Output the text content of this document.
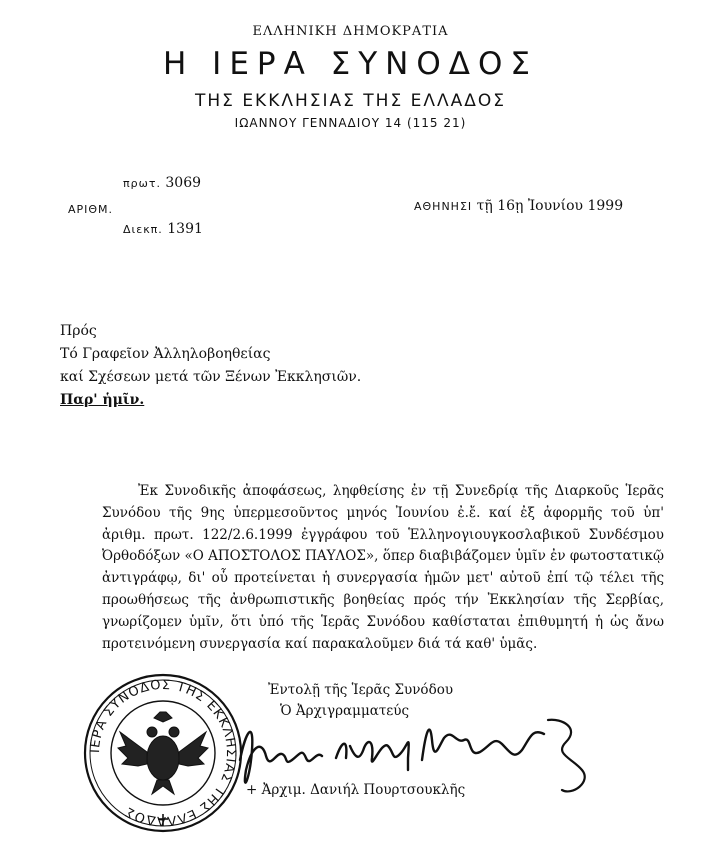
ΕΛΛΗΝΙΚΗ ΔΗΜΟΚΡΑΤΙΑ
Η ΙΕΡΑ ΣΥΝΟΔΟΣ
ΤΗΣ ΕΚΚΛΗΣΙΑΣ ΤΗΣ ΕΛΛΑΔΟΣ
ΙΩΑΝΝΟΥ ΓΕΝΝΑΔΙΟΥ 14 (115 21)
πρωτ. 3069
ΑΡΙΘΜ.
Διεκπ. 1391
ΑΘΗΝΗΣΙ τῇ 16ῃ Ἰουνίου 1999
Πρός
Τό Γραφεῖον Ἀλληλοβοηθείας
καί Σχέσεων μετά τῶν Ξένων Ἐκκλησιῶν.
Παρ' ἡμῖν.
Ἐκ Συνοδικῆς ἀποφάσεως, ληφθείσης ἐν τῇ Συνεδρίᾳ τῆς Διαρκοῦς Ἱερᾶς Συνόδου τῆς 9ης ὑπερμεσοῦντος μηνός Ἰουνίου ἐ.ἔ. καί ἐξ ἀφορμῆς τοῦ ὑπ' ἀριθμ. πρωτ. 122/2.6.1999 ἐγγράφου τοῦ Ἑλληνογιουγκοσλαβικοῦ Συνδέσμου Ὀρθοδόξων «Ο ΑΠΟΣΤΟΛΟΣ ΠΑΥΛΟΣ», ὅπερ διαβιβάζομεν ὑμῖν ἐν φωτοστατικῷ ἀντιγράφῳ, δι' οὗ προτείνεται ἡ συνεργασία ἡμῶν μετ' αὐτοῦ ἐπί τῷ τέλει τῆς προωθήσεως τῆς ἀνθρωπιστικῆς βοηθείας πρός τήν Ἐκκλησίαν τῆς Σερβίας, γνωρίζομεν ὑμῖν, ὅτι ὑπό τῆς Ἱερᾶς Συνόδου καθίσταται ἐπιθυμητή ἡ ὡς ἄνω προτεινόμενη συνεργασία καί παρακαλοῦμεν διά τά καθ' ὑμᾶς.
ΙΕΡΑ ΣΥΝΟΔΟΣ ΤΗΣ ΕΚΚΛΗΣΙΑΣ ΤΗΣ ΕΛΛΑΔΟΣ
Ἐντολῇ τῆς Ἱερᾶς Συνόδου
Ὁ Ἀρχιγραμματεύς
+ Ἀρχιμ. Δανιήλ Πουρτσουκλῆς
